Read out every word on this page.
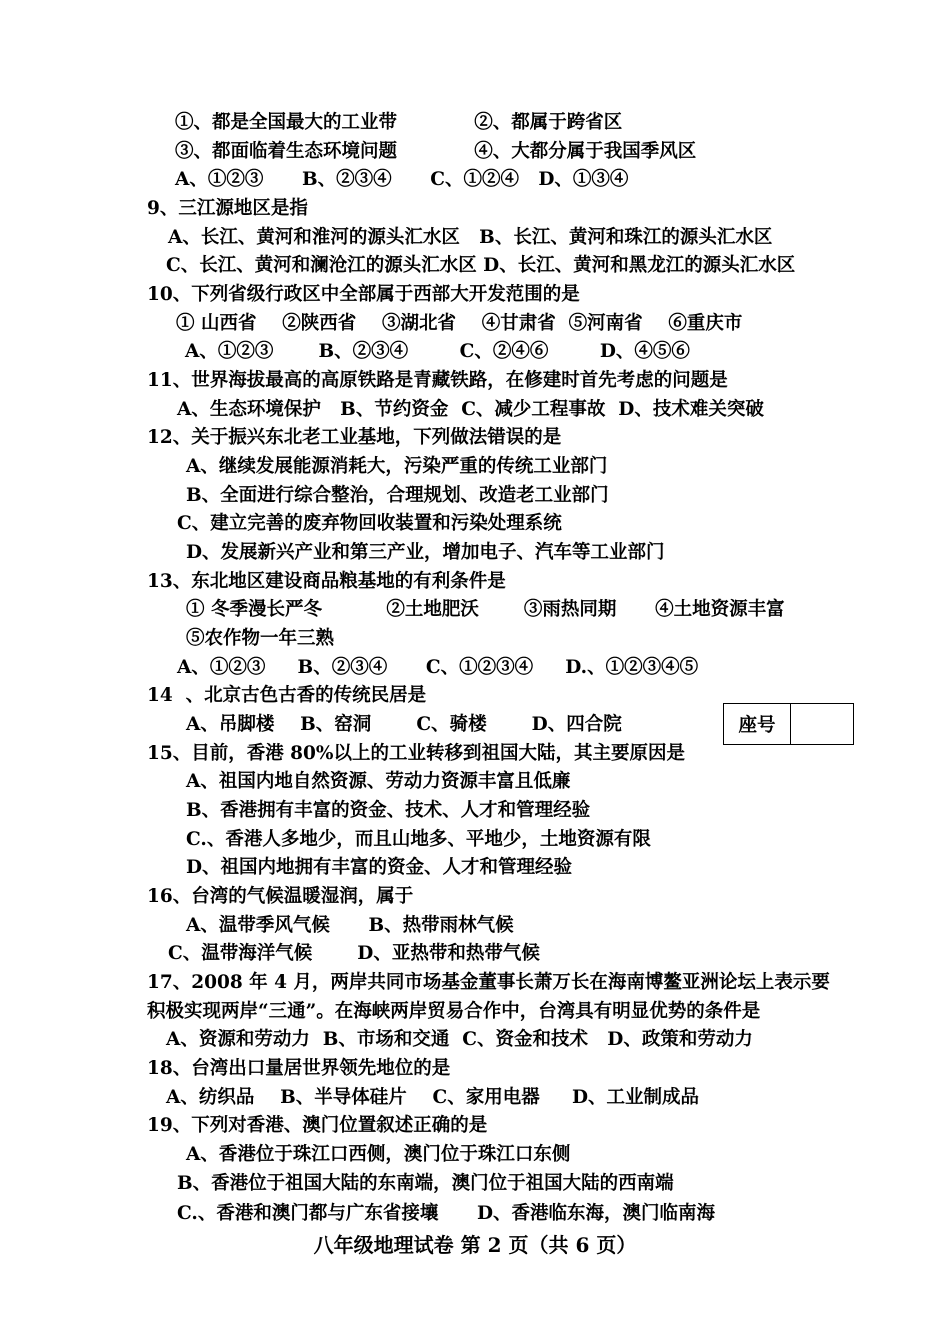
①、都是全国最大的工业带            ②、都属于跨省区
③、都面临着生态环境问题            ④、大都分属于我国季风区
A、①②③      B、②③④      C、①②④   D、①③④
9、三江源地区是指
A、长江、黄河和淮河的源头汇水区   B、长江、黄河和珠江的源头汇水区
C、长江、黄河和澜沧江的源头汇水区 D、长江、黄河和黑龙江的源头汇水区
10、下列省级行政区中全部属于西部大开发范围的是
① 山西省    ②陕西省    ③湖北省    ④甘肃省  ⑤河南省    ⑥重庆市
A、①②③       B、②③④        C、②④⑥        D、④⑤⑥
11、世界海拔最高的高原铁路是青藏铁路，在修建时首先考虑的问题是
A、生态环境保护   B、节约资金  C、减少工程事故  D、技术难关突破
12、关于振兴东北老工业基地，下列做法错误的是
A、继续发展能源消耗大，污染严重的传统工业部门
B、全面进行综合整治，合理规划、改造老工业部门
C、建立完善的废弃物回收装置和污染处理系统
D、发展新兴产业和第三产业，增加电子、汽车等工业部门
13、东北地区建设商品粮基地的有利条件是
① 冬季漫长严冬          ②土地肥沃       ③雨热同期      ④土地资源丰富
⑤农作物一年三熟
A、①②③     B、②③④      C、①②③④     D.、①②③④⑤
14  、北京古色古香的传统民居是
A、吊脚楼    B、窑洞       C、骑楼       D、四合院
15、目前，香港 80%以上的工业转移到祖国大陆，其主要原因是
A、祖国内地自然资源、劳动力资源丰富且低廉
B、香港拥有丰富的资金、技术、人才和管理经验
C.、香港人多地少，而且山地多、平地少，土地资源有限
D、祖国内地拥有丰富的资金、人才和管理经验
16、台湾的气候温暖湿润，属于
A、温带季风气候      B、热带雨林气候
C、温带海洋气候       D、亚热带和热带气候
17、2008 年 4 月，两岸共同市场基金董事长萧万长在海南博鳌亚洲论坛上表示要
积极实现两岸“三通”。在海峡两岸贸易合作中，台湾具有明显优势的条件是
A、资源和劳动力  B、市场和交通  C、资金和技术   D、政策和劳动力
18、台湾出口量居世界领先地位的是
A、纺织品    B、半导体硅片    C、家用电器     D、工业制成品
19、下列对香港、澳门位置叙述正确的是
A、香港位于珠江口西侧，澳门位于珠江口东侧
B、香港位于祖国大陆的东南端，澳门位于祖国大陆的西南端
C.、香港和澳门都与广东省接壤      D、香港临东海，澳门临南海
座号
八年级地理试卷 第 2 页（共 6 页）
